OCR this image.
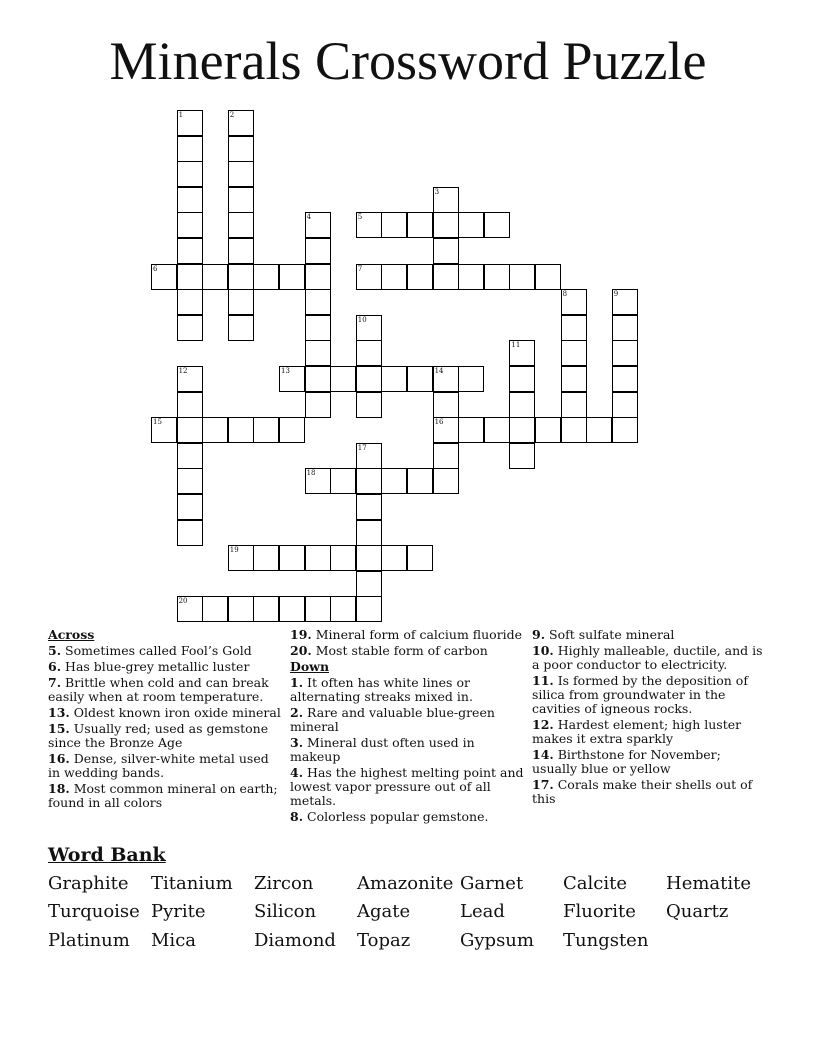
Minerals Crossword Puzzle
1	2
3
4	5
6	7
8	9
10
11
12	13	14
16
15
17
18
19
20
Across
5. Sometimes called Fool’s Gold
6. Has blue-grey metallic luster
7. Brittle when cold and can break easily when at room temperature.
13. Oldest known iron oxide mineral
15. Usually red; used as gemstone since the Bronze Age
16. Dense, silver-white metal used in wedding bands.
18. Most common mineral on earth; found in all colors
19. Mineral form of calcium fluoride
20. Most stable form of carbon
Down
1. It often has white lines or alternating streaks mixed in.
2. Rare and valuable blue-green mineral
3. Mineral dust often used in makeup
4. Has the highest melting point and lowest vapor pressure out of all metals.
8. Colorless popular gemstone.
9. Soft sulfate mineral
10. Highly malleable, ductile, and is a poor conductor to electricity.
11. Is formed by the deposition of silica from groundwater in the cavities of igneous rocks.
12. Hardest element; high luster makes it extra sparkly
14. Birthstone for November; usually blue or yellow
17. Corals make their shells out of this
Word Bank
Graphite Titanium Zircon Amazonite Garnet Calcite Hematite
Turquoise Pyrite	Silicon Agate	Lead	Fluorite Quartz
Platinum Mica	Diamond Topaz	Gypsum Tungsten
